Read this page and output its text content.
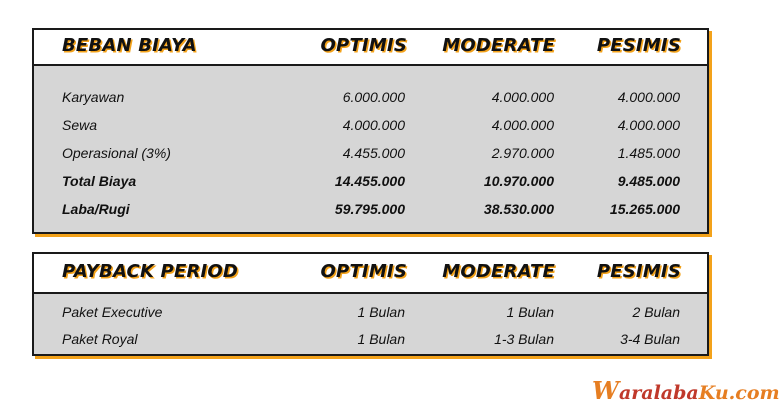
BEBAN BIAYA	OPTIMIS MODERATE PESIMIS
Karyawan	6.000.000	4.000.000	4.000.000
Sewa	4.000.000	4.000.000	4.000.000
Operasional (3%)	4.455.000	2.970.000	1.485.000
Total Biaya	14.455.000	10.970.000	9.485.000
Laba/Rugi	59.795.000	38.530.000	15.265.000
PAYBACK PERIOD	OPTIMIS MODERATE PESIMIS
Paket Executive	1 Bulan	1 Bulan	2 Bulan
Paket Royal	1 Bulan	1-3 Bulan	3-4 Bulan
WaralabaKu.com
